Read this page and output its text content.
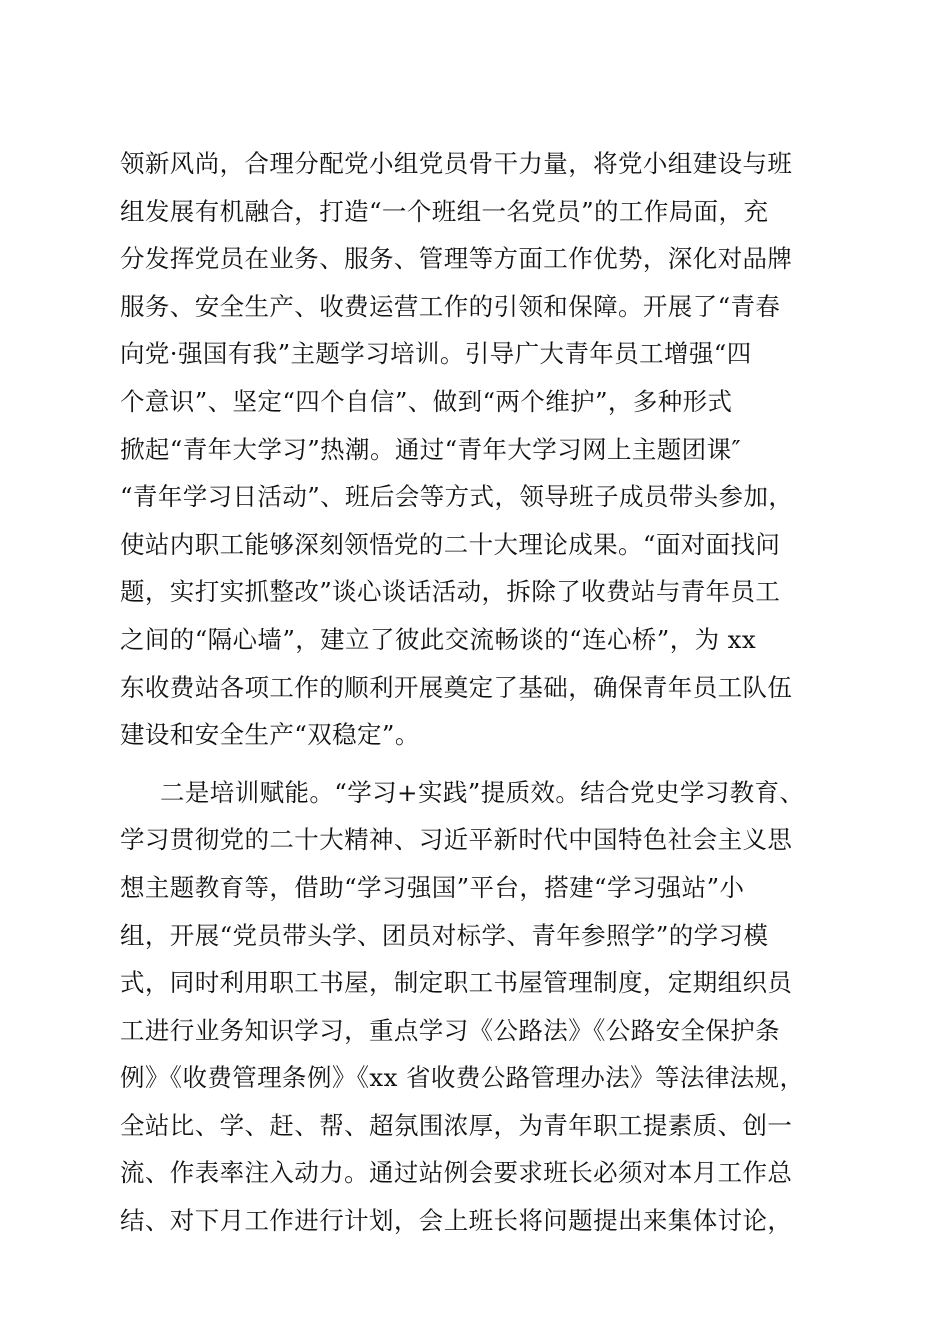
领新风尚，合理分配党小组党员骨干力量，将党小组建设与班
组发展有机融合，打造“一个班组一名党员”的工作局面，充
分发挥党员在业务、服务、管理等方面工作优势，深化对品牌
服务、安全生产、收费运营工作的引领和保障。开展了“青春
向党·强国有我”主题学习培训。引导广大青年员工增强“四
个意识”、坚定“四个自信”、做到“两个维护”，多种形式
掀起“青年大学习”热潮。通过“青年大学习网上主题团课″
“青年学习日活动”、班后会等方式，领导班子成员带头参加，
使站内职工能够深刻领悟党的二十大理论成果。“面对面找问
题，实打实抓整改”谈心谈话活动，拆除了收费站与青年员工
之间的“隔心墙”，建立了彼此交流畅谈的“连心桥”，为 xx
东收费站各项工作的顺利开展奠定了基础，确保青年员工队伍
建设和安全生产“双稳定”。
二是培训赋能。“学习+实践”提质效。结合党史学习教育、
学习贯彻党的二十大精神、习近平新时代中国特色社会主义思
想主题教育等，借助“学习强国”平台，搭建“学习强站”小
组，开展“党员带头学、团员对标学、青年参照学”的学习模
式，同时利用职工书屋，制定职工书屋管理制度，定期组织员
工进行业务知识学习，重点学习《公路法》《公路安全保护条
例》《收费管理条例》《xx 省收费公路管理办法》等法律法规，
全站比、学、赶、帮、超氛围浓厚，为青年职工提素质、创一
流、作表率注入动力。通过站例会要求班长必须对本月工作总
结、对下月工作进行计划，会上班长将问题提出来集体讨论，
